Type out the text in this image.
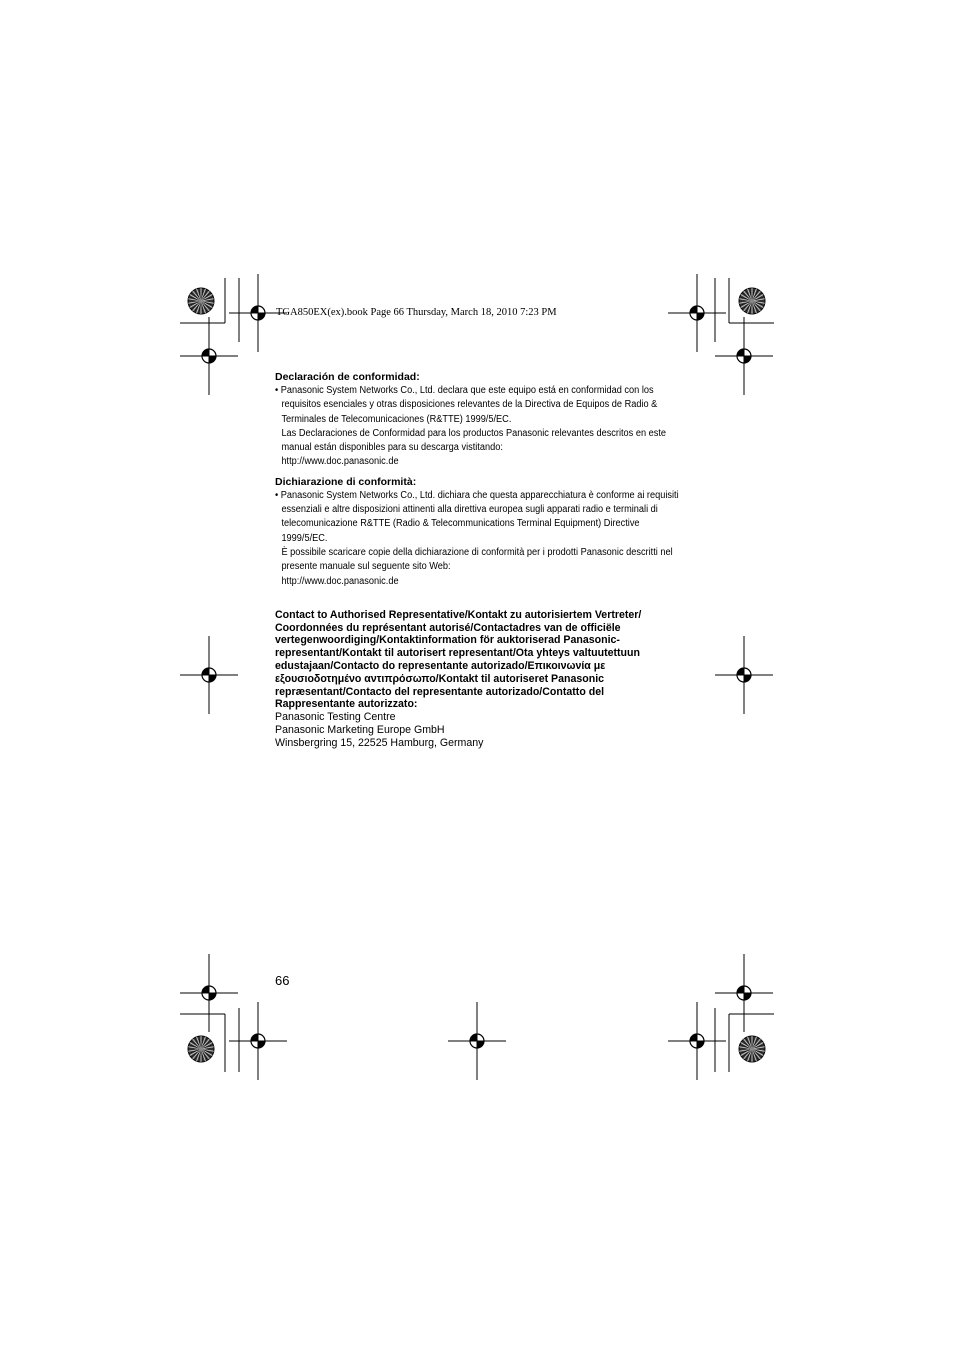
TGA850EX(ex).book Page 66 Thursday, March 18, 2010 7:23 PM

Declaración de conformidad:

• Panasonic System Networks Co., Ltd. declara que este equipo está en conformidad con los requisitos esenciales y otras disposiciones relevantes de la Directiva de Equipos de Radio & Terminales de Telecomunicaciones (R&TTE) 1999/5/EC.

Las Declaraciones de Conformidad para los productos Panasonic relevantes descritos en este manual están disponibles para su descarga vistitando:

http://www.doc.panasonic.de

Dichiarazione di conformità:

• Panasonic System Networks Co., Ltd. dichiara che questa apparecchiatura è conforme ai requisiti essenziali e altre disposizioni attinenti alla direttiva europea sugli apparati radio e terminali di telecomunicazione R&TTE (Radio & Telecommunications Terminal Equipment) Directive 1999/5/EC.

È possibile scaricare copie della dichiarazione di conformità per i prodotti Panasonic descritti nel presente manuale sul seguente sito Web:

http://www.doc.panasonic.de

Contact to Authorised Representative/Kontakt zu autorisiertem Vertreter/

Coordonnées du représentant autorisé/Contactadres van de officiële

vertegenwoordiging/Kontaktinformation för auktoriserad Panasonic-

representant/Kontakt til autorisert representant/Ota yhteys valtuutettuun

edustajaan/Contacto do representante autorizado/Επικοινωνία με

εξουσιοδοτημένο αντιπρόσωπο/Kontakt til autoriseret Panasonic

repræsentant/Contacto del representante autorizado/Contatto del

Rappresentante autorizzato:

Panasonic Testing Centre

Panasonic Marketing Europe GmbH

Winsbergring 15, 22525 Hamburg, Germany

66
